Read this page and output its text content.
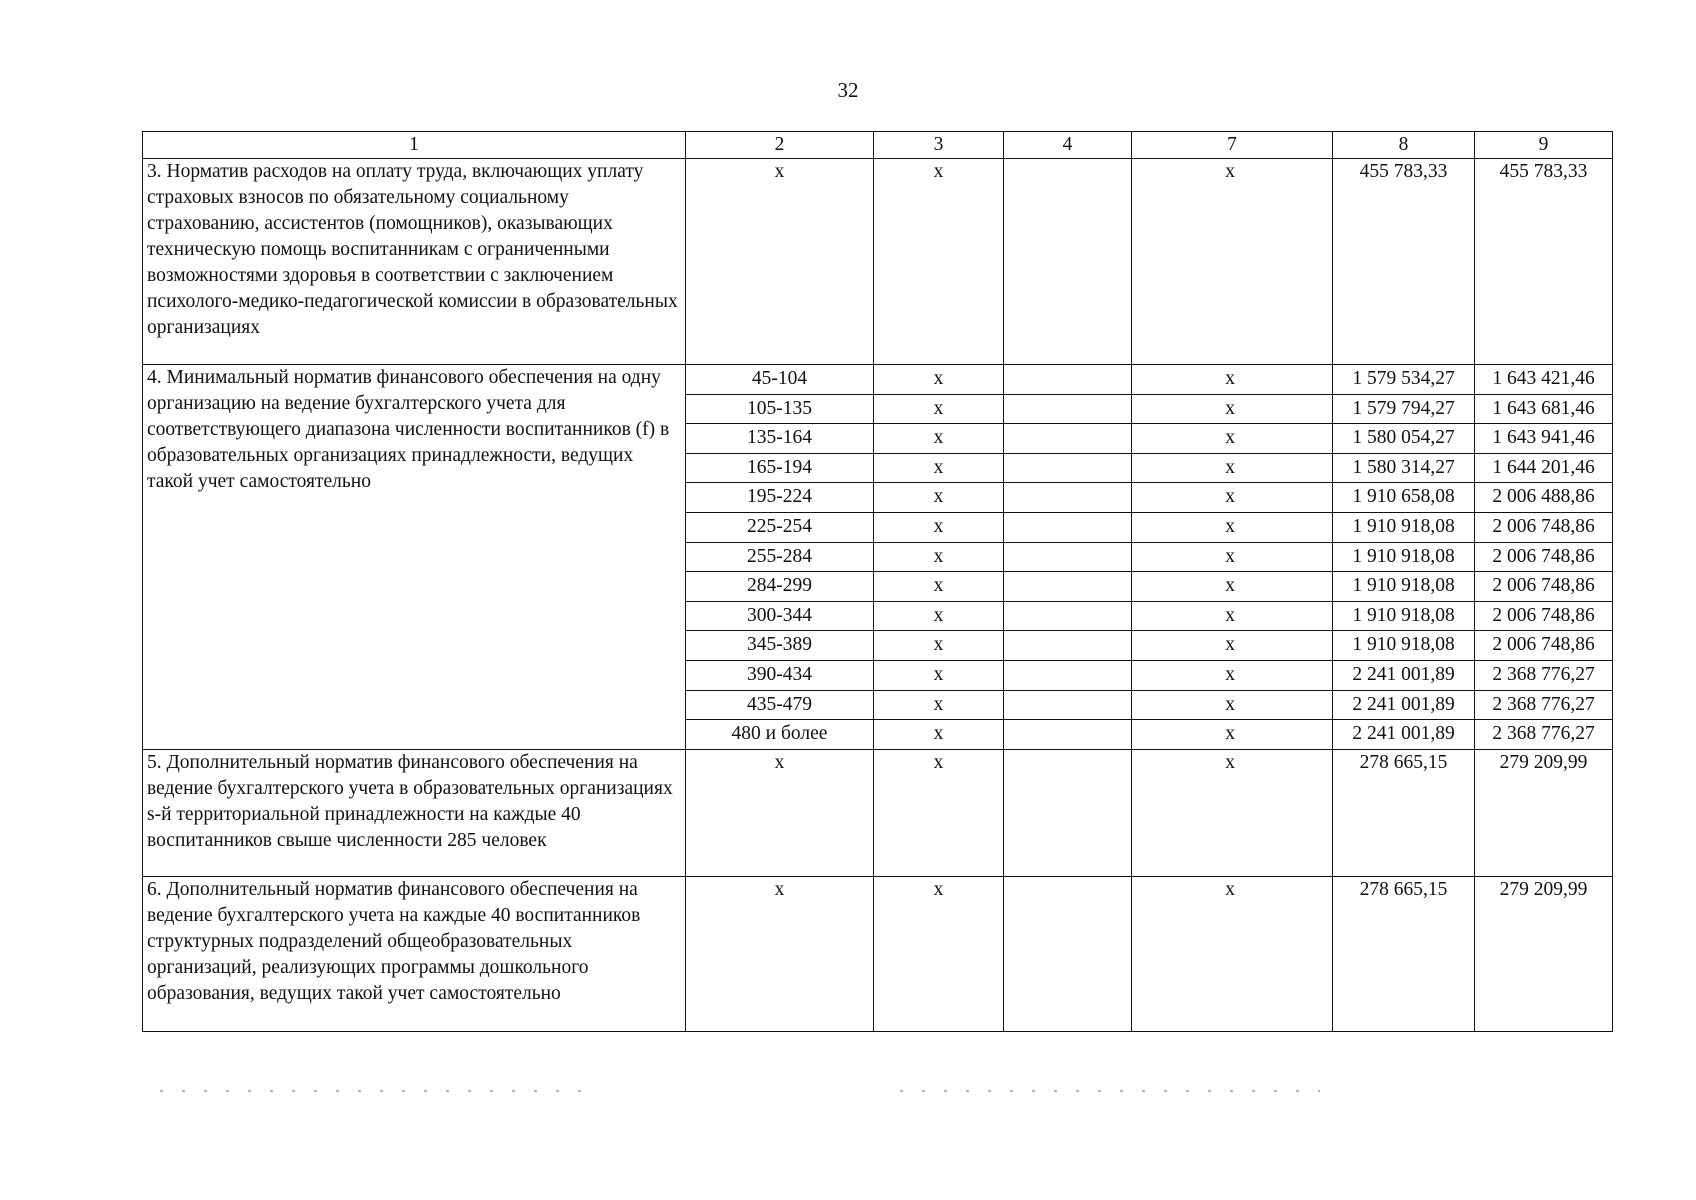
32
1	2	3	4	7	8	9
3. Норматив расходов на оплату труда, включающих уплату страховых взносов по обязательному социальному страхованию, ассистентов (помощников), оказывающих техническую помощь воспитанникам с ограниченными возможностями здоровья в соответствии с заключением психолого-медико-педагогической комиссии в образовательных организациях	х	х		х	455 783,33	455 783,33
4. Минимальный норматив финансового обеспечения на одну организацию на ведение бухгалтерского учета для соответствующего диапазона численности воспитанников (f) в образовательных организациях принадлежности, ведущих такой учет самостоятельно	45-104	х		х	1 579 534,27	1 643 421,46
	105-135	х		х	1 579 794,27	1 643 681,46
	135-164	х		х	1 580 054,27	1 643 941,46
	165-194	х		х	1 580 314,27	1 644 201,46
	195-224	х		х	1 910 658,08	2 006 488,86
	225-254	х		х	1 910 918,08	2 006 748,86
	255-284	х		х	1 910 918,08	2 006 748,86
	284-299	х		х	1 910 918,08	2 006 748,86
	300-344	х		х	1 910 918,08	2 006 748,86
	345-389	х		х	1 910 918,08	2 006 748,86
	390-434	х		х	2 241 001,89	2 368 776,27
	435-479	х		х	2 241 001,89	2 368 776,27
	480 и более	х		х	2 241 001,89	2 368 776,27
5. Дополнительный норматив финансового обеспечения на ведение бухгалтерского учета в образовательных организациях s-й территориальной принадлежности на каждые 40 воспитанников свыше численности 285 человек	х	х		х	278 665,15	279 209,99
6. Дополнительный норматив финансового обеспечения на ведение бухгалтерского учета на каждые 40 воспитанников структурных подразделений общеобразовательных организаций, реализующих программы дошкольного образования, ведущих такой учет самостоятельно	х	х		х	278 665,15	279 209,99
